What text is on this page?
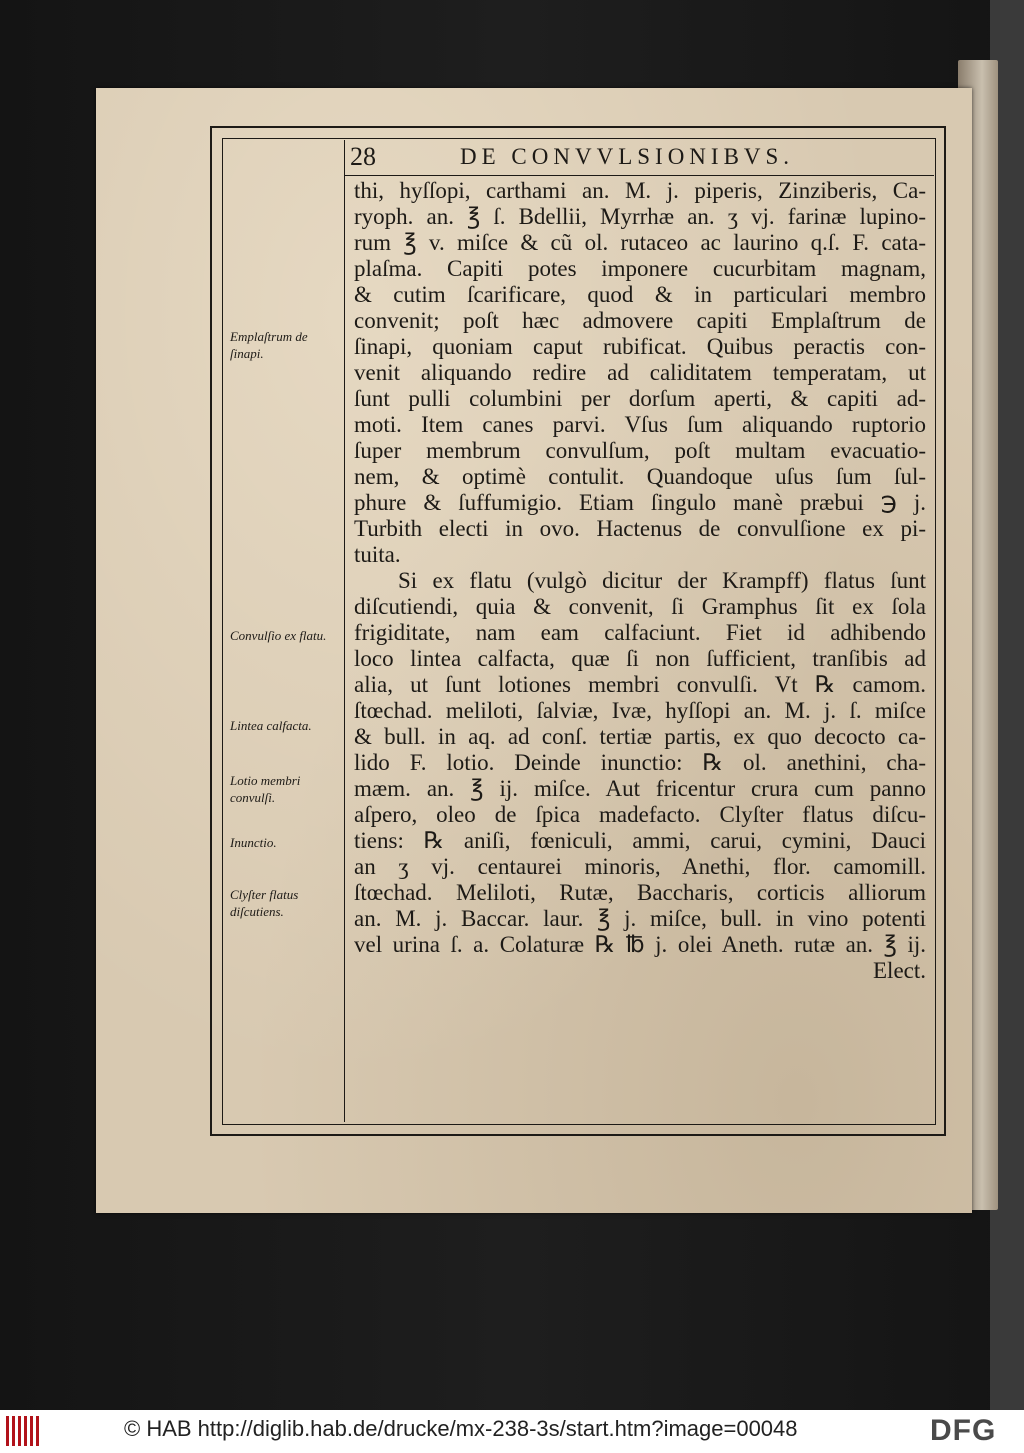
28	DE CONVVLSIONIBVS.
thi, hyſſopi, carthami an. M. j. piperis, Zinziberis, Ca-
ryoph. an. ℥ ſ. Bdellii, Myrrhæ an. ʒ vj. farinæ lupino-
rum ℥ v. miſce & cũ ol. rutaceo ac laurino q.ſ. F. cata-
plaſma. Capiti potes imponere cucurbitam magnam,
& cutim ſcarificare, quod & in particulari membro
convenit; poſt hæc admovere capiti Emplaſtrum de
ſinapi, quoniam caput rubificat. Quibus peractis con-
venit aliquando redire ad caliditatem temperatam, ut
ſunt pulli columbini per dorſum aperti, & capiti ad-
moti. Item canes parvi. Vſus ſum aliquando ruptorio
ſuper membrum convulſum, poſt multam evacuatio-
nem, & optimè contulit. Quandoque uſus ſum ſul-
phure & ſuffumigio. Etiam ſingulo manè præbui ℈ j.
Turbith electi in ovo. Hactenus de convulſione ex pi-
tuita.
Si ex flatu (vulgò dicitur der Krampff) flatus ſunt
diſcutiendi, quia & convenit, ſi Gramphus ſit ex ſola
frigiditate, nam eam calfaciunt. Fiet id adhibendo
loco lintea calfacta, quæ ſi non ſufficient, tranſibis ad
alia, ut ſunt lotiones membri convulſi. Vt ℞ camom.
ſtœchad. meliloti, ſalviæ, Ivæ, hyſſopi an. M. j. ſ. miſce
& bull. in aq. ad conſ. tertiæ partis, ex quo decocto ca-
lido F. lotio. Deinde inunctio: ℞ ol. anethini, cha-
mæm. an. ℥ ij. miſce. Aut fricentur crura cum panno
aſpero, oleo de ſpica madefacto. Clyſter flatus diſcu-
tiens: ℞ aniſi, fœniculi, ammi, carui, cymini, Dauci
an ʒ vj. centaurei minoris, Anethi, flor. camomill.
ſtœchad. Meliloti, Rutæ, Baccharis, corticis alliorum
an. M. j. Baccar. laur. ℥ j. miſce, bull. in vino potenti
vel urina ſ. a. Colaturæ ℞ ℔ j. olei Aneth. rutæ an. ℥ ij.
Elect.
Emplaſtrum de ſinapi.
Convulſio ex flatu.
Lintea calfacta.
Lotio membri convulſi.
Inunctio.
Clyſter flatus diſcutiens.
© HAB http://diglib.hab.de/drucke/mx-238-3s/start.htm?image=00048	DFG
